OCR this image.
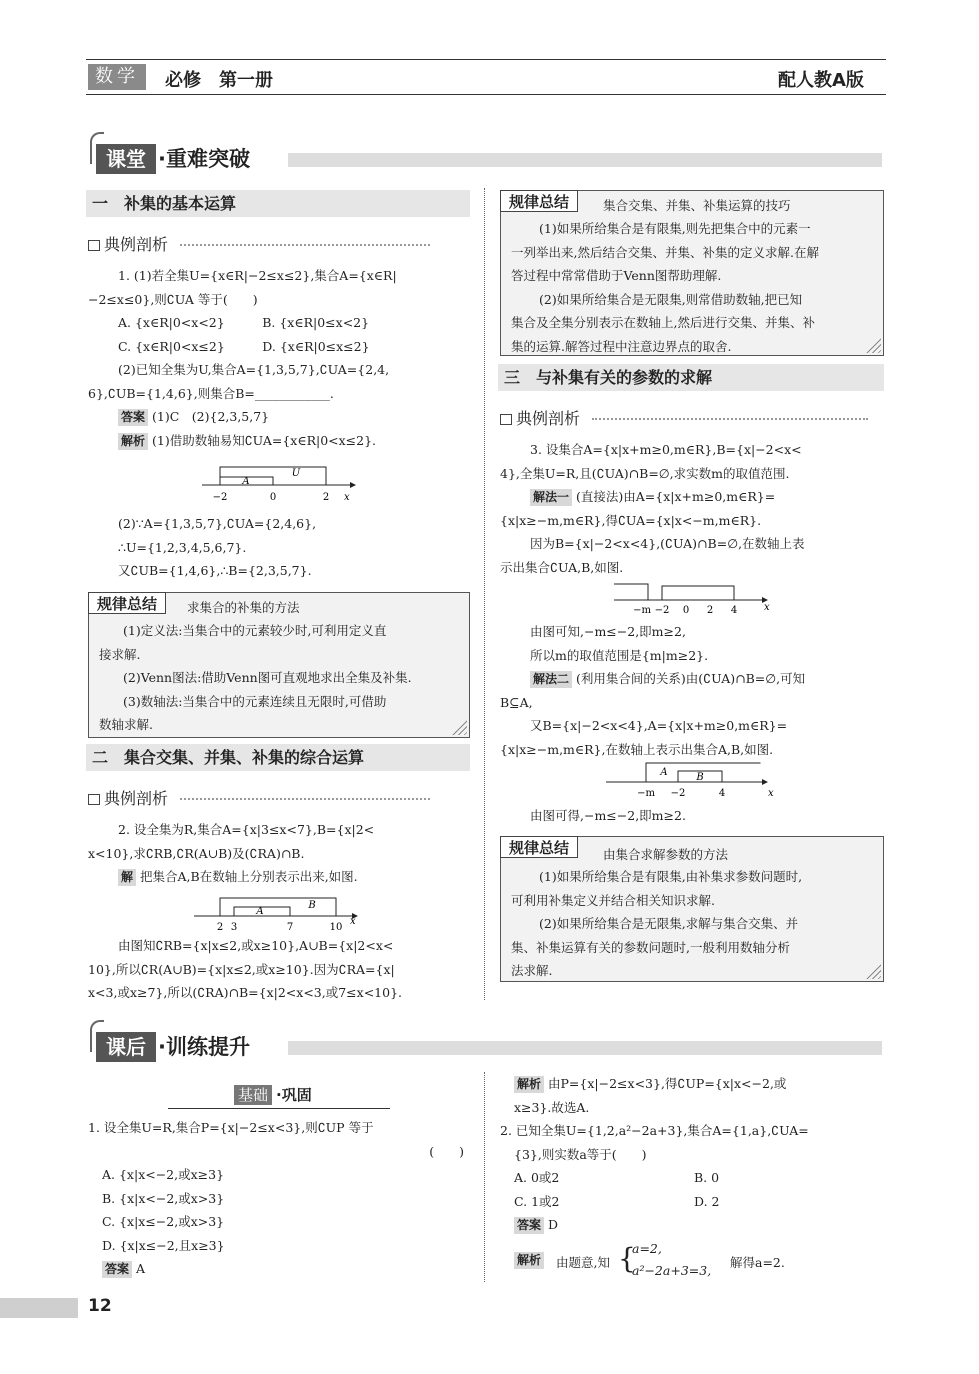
数学	必修　第一册	配人教A版
课堂 ·重难突破
一　补集的基本运算
典例剖析

1. (1)若全集U={x∈R|−2≤x≤2},集合A={x∈R|

−2≤x≤0},则∁UA 等于(　　)

A. {x∈R|0<x<2}　　　B. {x∈R|0≤x<2}

C. {x∈R|0<x≤2}　　　D. {x∈R|0≤x≤2}

(2)已知全集为U,集合A={1,3,5,7},∁UA={2,4,

6},∁UB={1,4,6},则集合B=____________.

答案 (1)C　(2){2,3,5,7}

解析 (1)借助数轴易知∁UA={x∈R|0<x≤2}.

A
U
−2	0	2 x

(2)∵A={1,3,5,7},∁UA={2,4,6},

∴U={1,2,3,4,5,6,7}.

又∁UB={1,4,6},∴B={2,3,5,7}.

规律总结	求集合的补集的方法

(1)定义法:当集合中的元素较少时,可利用定义直

接求解.

(2)Venn图法:借助Venn图可直观地求出全集及补集.

(3)数轴法:当集合中的元素连续且无限时,可借助

数轴求解.

二　集合交集、并集、补集的综合运算
典例剖析

2. 设全集为R,集合A={x|3≤x<7},B={x|2<

x<10},求∁RB,∁R(A∪B)及(∁RA)∩B.

解 把集合A,B在数轴上分别表示出来,如图.

A
B
2 3	7	10
x

由图知∁RB={x|x≤2,或x≥10},A∪B={x|2<x<

10},所以∁R(A∪B)={x|x≤2,或x≥10}.因为∁RA={x|

x<3,或x≥7},所以(∁RA)∩B={x|2<x<3,或7≤x<10}.

规律总结	集合交集、并集、补集运算的技巧

(1)如果所给集合是有限集,则先把集合中的元素一

一列举出来,然后结合交集、并集、补集的定义求解.在解

答过程中常常借助于Venn图帮助理解.

(2)如果所给集合是无限集,则常借助数轴,把已知

集合及全集分别表示在数轴上,然后进行交集、并集、补

集的运算.解答过程中注意边界点的取舍.

三　与补集有关的参数的求解
典例剖析

3. 设集合A={x|x+m≥0,m∈R},B={x|−2<x<

4},全集U=R,且(∁UA)∩B=∅,求实数m的取值范围.

解法一 (直接法)由A={x|x+m≥0,m∈R}=

{x|x≥−m,m∈R},得∁UA={x|x<−m,m∈R}.

因为B={x|−2<x<4},(∁UA)∩B=∅,在数轴上表

示出集合∁UA,B,如图.

−m −2 0 2 4	x

由图可知,−m≤−2,即m≥2,

所以m的取值范围是{m|m≥2}.

解法二 (利用集合间的关系)由(∁UA)∩B=∅,可知

B⊆A,

又B={x|−2<x<4},A={x|x+m≥0,m∈R}=

{x|x≥−m,m∈R},在数轴上表示出集合A,B,如图.

A	B
−m −2	4	x

由图可得,−m≤−2,即m≥2.

规律总结	由集合求解参数的方法

(1)如果所给集合是有限集,由补集求参数问题时,

可利用补集定义并结合相关知识求解.

(2)如果所给集合是无限集,求解与集合交集、并

集、补集运算有关的参数问题时,一般利用数轴分析

法求解.

课后 ·训练提升
基础 ·巩固

1. 设全集U=R,集合P={x|−2≤x<3},则∁UP 等于

(　　)

A. {x|x<−2,或x≥3}

B. {x|x<−2,或x>3}

C. {x|x≤−2,或x>3}

D. {x|x≤−2,且x≥3}

答案 A

解析 由P={x|−2≤x<3},得∁UP={x|x<−2,或

x≥3}.故选A.

2. 已知全集U={1,2,a²−2a+3},集合A={1,a},∁UA=

{3},则实数a等于(　　)

A. 0或2	B. 0

C. 1或2	D. 2

答案 D

解析 由题意,知 {
a=2,
a²−2a+3=3,
解得a=2.
12
